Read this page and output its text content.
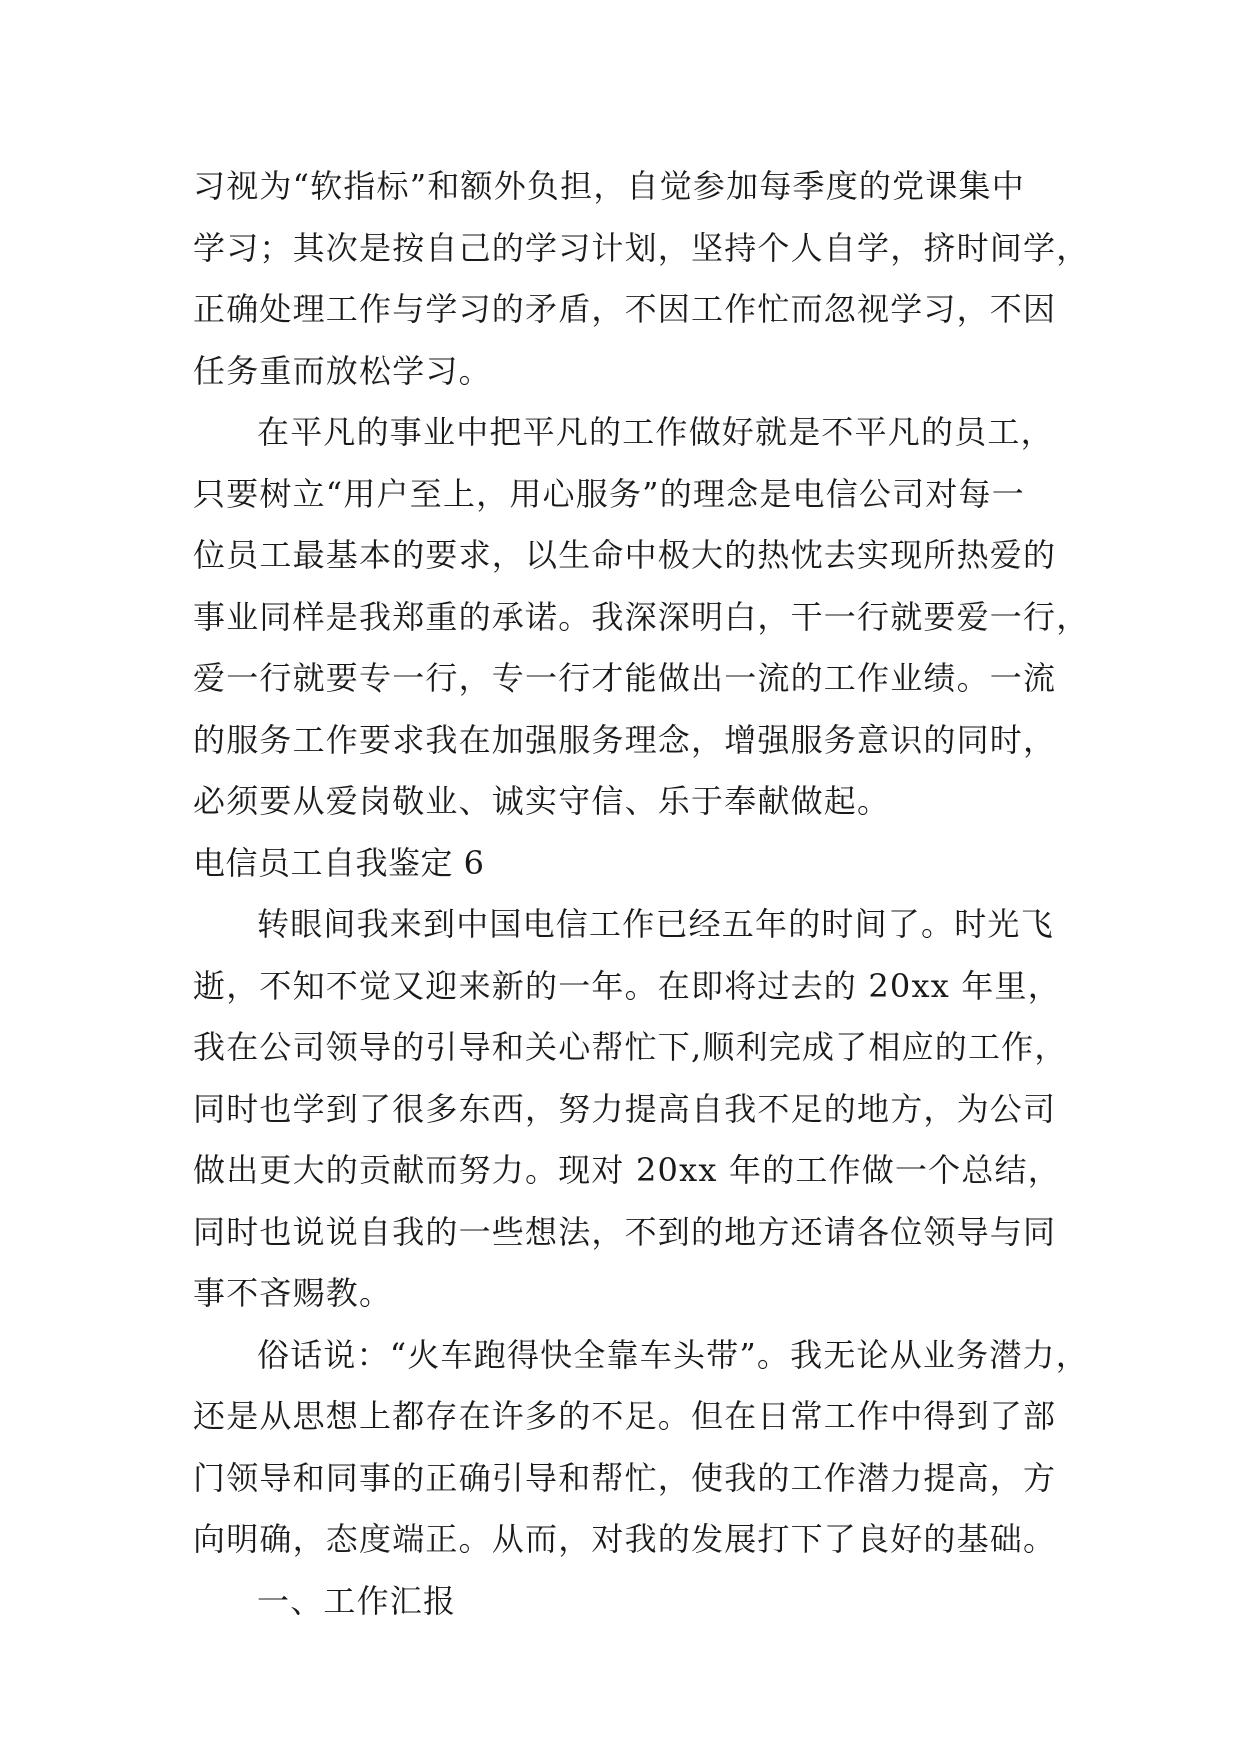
习视为“软指标”和额外负担，自觉参加每季度的党课集中
学习；其次是按自己的学习计划，坚持个人自学，挤时间学，
正确处理工作与学习的矛盾，不因工作忙而忽视学习，不因
任务重而放松学习。
在平凡的事业中把平凡的工作做好就是不平凡的员工，
只要树立“用户至上，用心服务”的理念是电信公司对每一
位员工最基本的要求，以生命中极大的热忱去实现所热爱的
事业同样是我郑重的承诺。我深深明白，干一行就要爱一行，
爱一行就要专一行，专一行才能做出一流的工作业绩。一流
的服务工作要求我在加强服务理念，增强服务意识的同时，
必须要从爱岗敬业、诚实守信、乐于奉献做起。
电信员工自我鉴定 6
转眼间我来到中国电信工作已经五年的时间了。时光飞
逝，不知不觉又迎来新的一年。在即将过去的 20xx 年里，
我在公司领导的引导和关心帮忙下,顺利完成了相应的工作，
同时也学到了很多东西，努力提高自我不足的地方，为公司
做出更大的贡献而努力。现对 20xx 年的工作做一个总结，
同时也说说自我的一些想法，不到的地方还请各位领导与同
事不吝赐教。
俗话说：“火车跑得快全靠车头带”。我无论从业务潜力，
还是从思想上都存在许多的不足。但在日常工作中得到了部
门领导和同事的正确引导和帮忙，使我的工作潜力提高，方
向明确，态度端正。从而，对我的发展打下了良好的基础。
一、工作汇报
